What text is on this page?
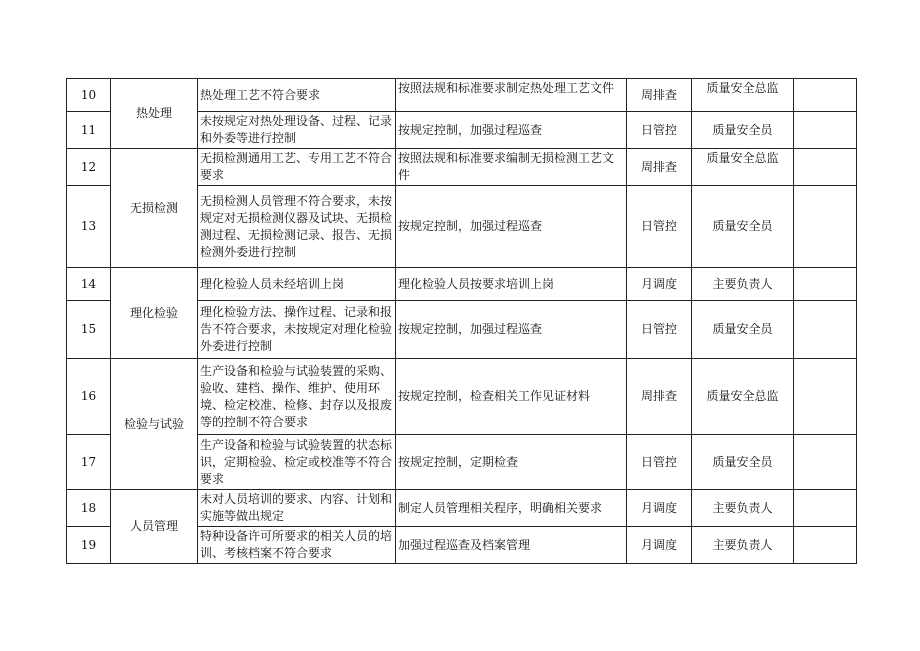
10	热处理	热处理工艺不符合要求	按照法规和标准要求制定热处理工艺文件	周排查	质量安全总监	
11		未按规定对热处理设备、过程、记录和外委等进行控制	按规定控制，加强过程巡查	日管控	质量安全员	
12	无损检测	无损检测通用工艺、专用工艺不符合要求	按照法规和标准要求编制无损检测工艺文件	周排查	质量安全总监	
13		无损检测人员管理不符合要求，未按规定对无损检测仪器及试块、无损检测过程、无损检测记录、报告、无损检测外委进行控制	按规定控制，加强过程巡查	日管控	质量安全员	
14	理化检验	理化检验人员未经培训上岗	理化检验人员按要求培训上岗	月调度	主要负责人	
15		理化检验方法、操作过程、记录和报告不符合要求，未按规定对理化检验外委进行控制	按规定控制，加强过程巡查	日管控	质量安全员	
16	检验与试验	生产设备和检验与试验装置的采购、验收、建档、操作、维护、使用环境、检定校准、检修、封存以及报废等的控制不符合要求	按规定控制，检查相关工作见证材料	周排查	质量安全总监	
17		生产设备和检验与试验装置的状态标识，定期检验、检定或校准等不符合要求	按规定控制，定期检查	日管控	质量安全员	
18	人员管理	未对人员培训的要求、内容、计划和实施等做出规定	制定人员管理相关程序，明确相关要求	月调度	主要负责人	
19		特种设备许可所要求的相关人员的培训、考核档案不符合要求	加强过程巡查及档案管理	月调度	主要负责人	
